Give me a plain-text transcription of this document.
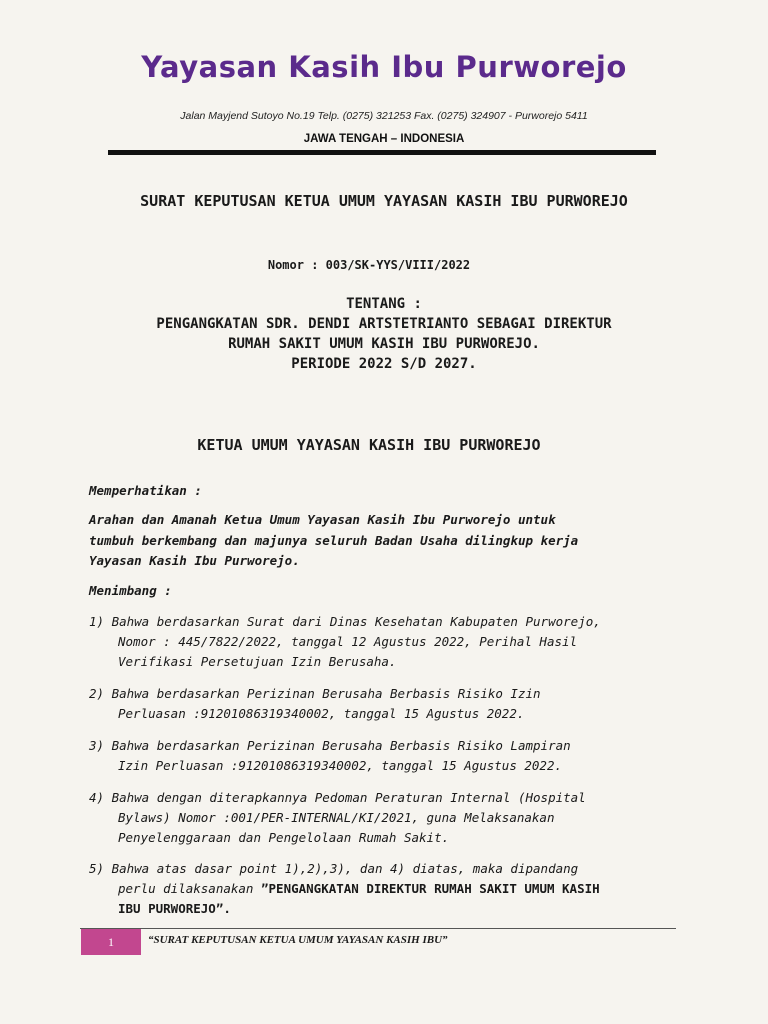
Yayasan Kasih Ibu Purworejo
Jalan Mayjend Sutoyo No.19 Telp. (0275) 321253 Fax. (0275) 324907 - Purworejo 5411
JAWA TENGAH – INDONESIA
SURAT KEPUTUSAN KETUA UMUM YAYASAN KASIH IBU PURWOREJO
Nomor : 003/SK-YYS/VIII/2022
TENTANG :
PENGANGKATAN SDR. DENDI ARTSTETRIANTO SEBAGAI DIREKTUR
RUMAH SAKIT UMUM KASIH IBU PURWOREJO.
PERIODE 2022 S/D 2027.
KETUA UMUM YAYASAN KASIH IBU PURWOREJO
Memperhatikan :
Arahan dan Amanah Ketua Umum Yayasan Kasih Ibu Purworejo untuk
tumbuh berkembang dan majunya seluruh Badan Usaha dilingkup kerja
Yayasan Kasih Ibu Purworejo.
Menimbang :
1) Bahwa berdasarkan Surat dari Dinas Kesehatan Kabupaten Purworejo,
Nomor : 445/7822/2022, tanggal 12 Agustus 2022, Perihal Hasil
Verifikasi Persetujuan Izin Berusaha.
2) Bahwa berdasarkan Perizinan Berusaha Berbasis Risiko Izin
Perluasan :91201086319340002, tanggal 15 Agustus 2022.
3) Bahwa berdasarkan Perizinan Berusaha Berbasis Risiko Lampiran
Izin Perluasan :91201086319340002, tanggal 15 Agustus 2022.
4) Bahwa dengan diterapkannya Pedoman Peraturan Internal (Hospital
Bylaws) Nomor :001/PER-INTERNAL/KI/2021, guna Melaksanakan
Penyelenggaraan dan Pengelolaan Rumah Sakit.
5) Bahwa atas dasar point 1),2),3), dan 4) diatas, maka dipandang
perlu dilaksanakan ”PENGANGKATAN DIREKTUR RUMAH SAKIT UMUM KASIH
IBU PURWOREJO”.
1	“SURAT KEPUTUSAN KETUA UMUM YAYASAN KASIH IBU”
